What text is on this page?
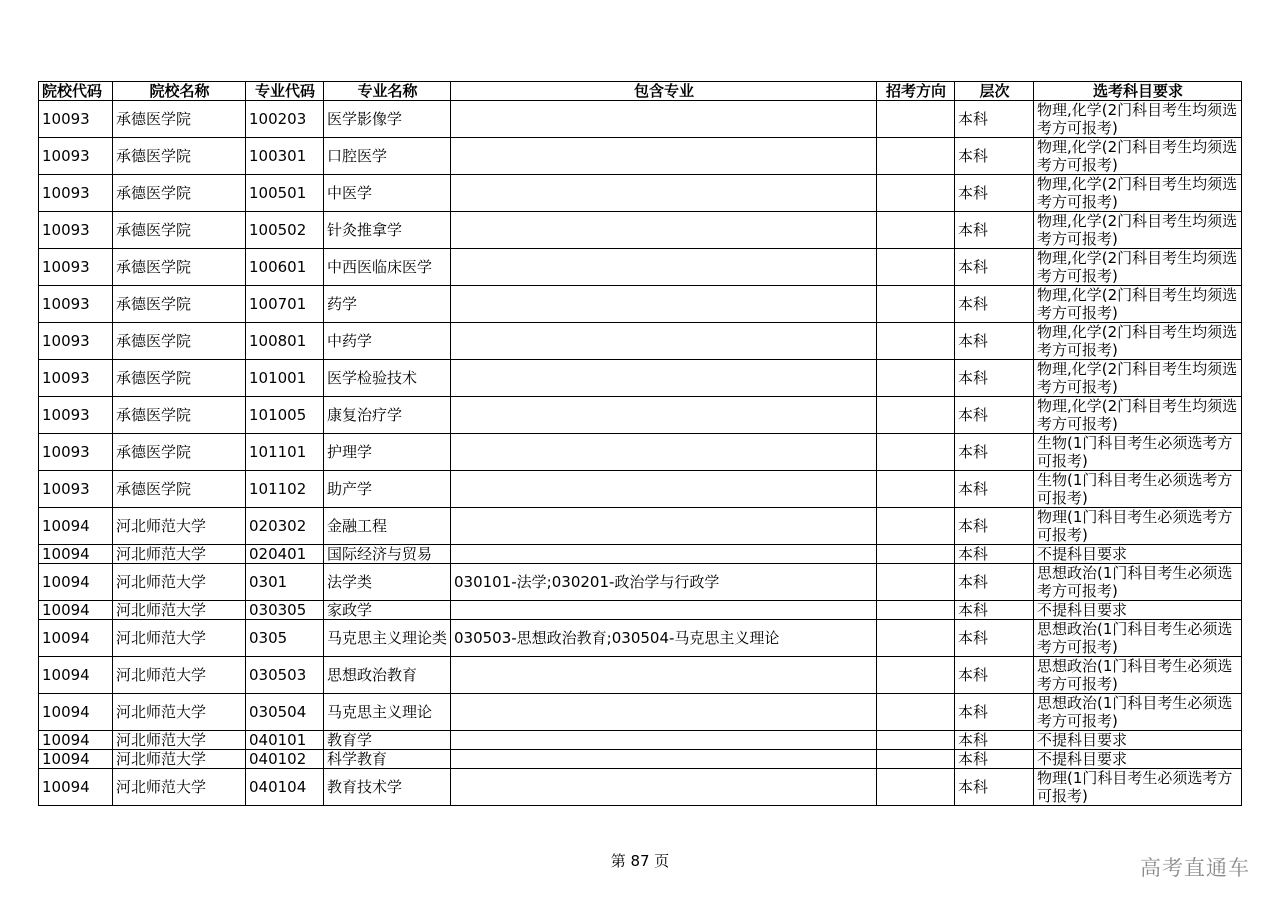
院校代码	院校名称	专业代码	专业名称	包含专业	招考方向	层次	选考科目要求
10093	承德医学院	100203	医学影像学			本科	物理,化学(2门科目考生均须选考方可报考)
10093	承德医学院	100301	口腔医学			本科	物理,化学(2门科目考生均须选考方可报考)
10093	承德医学院	100501	中医学			本科	物理,化学(2门科目考生均须选考方可报考)
10093	承德医学院	100502	针灸推拿学			本科	物理,化学(2门科目考生均须选考方可报考)
10093	承德医学院	100601	中西医临床医学			本科	物理,化学(2门科目考生均须选考方可报考)
10093	承德医学院	100701	药学			本科	物理,化学(2门科目考生均须选考方可报考)
10093	承德医学院	100801	中药学			本科	物理,化学(2门科目考生均须选考方可报考)
10093	承德医学院	101001	医学检验技术			本科	物理,化学(2门科目考生均须选考方可报考)
10093	承德医学院	101005	康复治疗学			本科	物理,化学(2门科目考生均须选考方可报考)
10093	承德医学院	101101	护理学			本科	生物(1门科目考生必须选考方可报考)
10093	承德医学院	101102	助产学			本科	生物(1门科目考生必须选考方可报考)
10094	河北师范大学	020302	金融工程			本科	物理(1门科目考生必须选考方可报考)
10094	河北师范大学	020401	国际经济与贸易			本科	不提科目要求
10094	河北师范大学	0301	法学类	030101-法学;030201-政治学与行政学		本科	思想政治(1门科目考生必须选考方可报考)
10094	河北师范大学	030305	家政学			本科	不提科目要求
10094	河北师范大学	0305	马克思主义理论类	030503-思想政治教育;030504-马克思主义理论		本科	思想政治(1门科目考生必须选考方可报考)
10094	河北师范大学	030503	思想政治教育			本科	思想政治(1门科目考生必须选考方可报考)
10094	河北师范大学	030504	马克思主义理论			本科	思想政治(1门科目考生必须选考方可报考)
10094	河北师范大学	040101	教育学			本科	不提科目要求
10094	河北师范大学	040102	科学教育			本科	不提科目要求
10094	河北师范大学	040104	教育技术学			本科	物理(1门科目考生必须选考方可报考)
第 87 页	高考直通车
